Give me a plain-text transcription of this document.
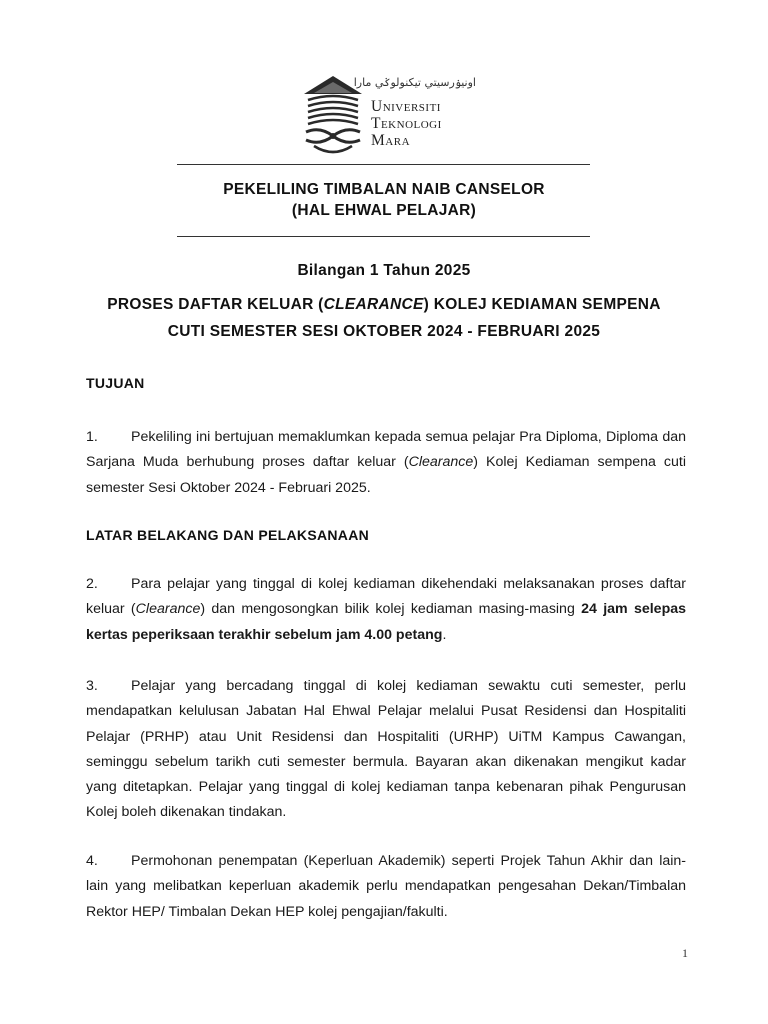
اونيۏرسيتي تيكنولوݢي مارا
Universiti
Teknologi
Mara
PEKELILING TIMBALAN NAIB CANSELOR
(HAL EHWAL PELAJAR)
Bilangan 1 Tahun 2025
PROSES DAFTAR KELUAR (CLEARANCE) KOLEJ KEDIAMAN SEMPENA
CUTI SEMESTER SESI OKTOBER 2024 - FEBRUARI 2025
TUJUAN
1. Pekeliling ini bertujuan memaklumkan kepada semua pelajar Pra Diploma, Diploma dan Sarjana Muda berhubung proses daftar keluar (Clearance) Kolej Kediaman sempena cuti semester Sesi Oktober 2024 - Februari 2025.
LATAR BELAKANG DAN PELAKSANAAN
2. Para pelajar yang tinggal di kolej kediaman dikehendaki melaksanakan proses daftar keluar (Clearance) dan mengosongkan bilik kolej kediaman masing-masing 24 jam selepas kertas peperiksaan terakhir sebelum jam 4.00 petang.
3. Pelajar yang bercadang tinggal di kolej kediaman sewaktu cuti semester, perlu mendapatkan kelulusan Jabatan Hal Ehwal Pelajar melalui Pusat Residensi dan Hospitaliti Pelajar (PRHP) atau Unit Residensi dan Hospitaliti (URHP) UiTM Kampus Cawangan, seminggu sebelum tarikh cuti semester bermula. Bayaran akan dikenakan mengikut kadar yang ditetapkan. Pelajar yang tinggal di kolej kediaman tanpa kebenaran pihak Pengurusan Kolej boleh dikenakan tindakan.
4. Permohonan penempatan (Keperluan Akademik) seperti Projek Tahun Akhir dan lain-lain yang melibatkan keperluan akademik perlu mendapatkan pengesahan Dekan/Timbalan Rektor HEP/ Timbalan Dekan HEP kolej pengajian/fakulti.
1
